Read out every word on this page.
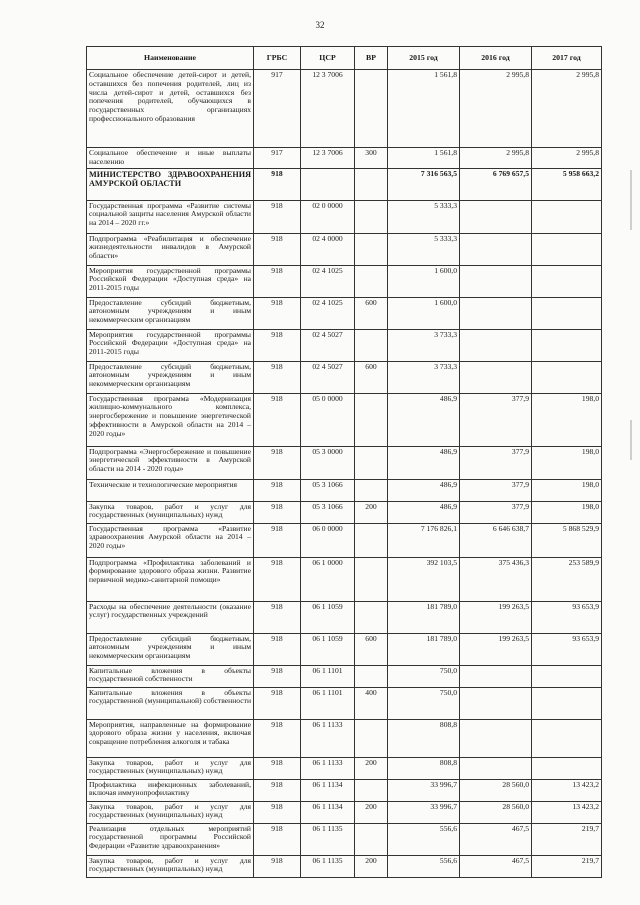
32
Наименование	ГРБС	ЦСР	ВР	2015 год	2016 год	2017 год
Социальное обеспечение детей-сирот и детей, оставшихся без попечения родителей, лиц из числа детей-сирот и детей, оставшихся без попечения родителей, обучающихся в государственных организациях профессионального образования	917	12 3 7006		1 561,8	2 995,8	2 995,8
Социальное обеспечение и иные выплаты населению	917	12 3 7006	300	1 561,8	2 995,8	2 995,8
МИНИСТЕРСТВО ЗДРАВООХРАНЕНИЯ АМУРСКОЙ ОБЛАСТИ	918			7 316 563,5	6 769 657,5	5 958 663,2
Государственная программа «Развитие системы социальной защиты населения Амурской области на 2014 – 2020 гг.»	918	02 0 0000		5 333,3		
Подпрограмма «Реабилитация и обеспечение жизнедеятельности инвалидов в Амурской области»	918	02 4 0000		5 333,3		
Мероприятия государственной программы Российской Федерации «Доступная среда» на 2011-2015 годы	918	02 4 1025		1 600,0		
Предоставление субсидий бюджетным, автономным учреждениям и иным некоммерческим организациям	918	02 4 1025	600	1 600,0		
Мероприятия государственной программы Российской Федерации «Доступная среда» на 2011-2015 годы	918	02 4 5027		3 733,3		
Предоставление субсидий бюджетным, автономным учреждениям и иным некоммерческим организациям	918	02 4 5027	600	3 733,3		
Государственная программа «Модернизация жилищно-коммунального комплекса, энергосбережение и повышение энергетической эффективности в Амурской области на 2014 – 2020 годы»	918	05 0 0000		486,9	377,9	198,0
Подпрограмма «Энергосбережение и повышение энергетической эффективности в Амурской области на 2014 - 2020 годы»	918	05 3 0000		486,9	377,9	198,0
Технические и технологические мероприятия	918	05 3 1066		486,9	377,9	198,0
Закупка товаров, работ и услуг для государственных (муниципальных) нужд	918	05 3 1066	200	486,9	377,9	198,0
Государственная программа «Развитие здравоохранения Амурской области на 2014 – 2020 годы»	918	06 0 0000		7 176 826,1	6 646 638,7	5 868 529,9
Подпрограмма «Профилактика заболеваний и формирование здорового образа жизни. Развитие первичной медико-санитарной помощи»	918	06 1 0000		392 103,5	375 436,3	253 589,9
Расходы на обеспечение деятельности (оказание услуг) государственных учреждений	918	06 1 1059		181 789,0	199 263,5	93 653,9
Предоставление субсидий бюджетным, автономным учреждениям и иным некоммерческим организациям	918	06 1 1059	600	181 789,0	199 263,5	93 653,9
Капитальные вложения в объекты государственной собственности	918	06 1 1101		750,0		
Капитальные вложения в объекты государственной (муниципальной) собственности	918	06 1 1101	400	750,0		
Мероприятия, направленные на формирование здорового образа жизни у населения, включая сокращение потребления алкоголя и табака	918	06 1 1133		808,8		
Закупка товаров, работ и услуг для государственных (муниципальных) нужд	918	06 1 1133	200	808,8		
Профилактика инфекционных заболеваний, включая иммунопрофилактику	918	06 1 1134		33 996,7	28 560,0	13 423,2
Закупка товаров, работ и услуг для государственных (муниципальных) нужд	918	06 1 1134	200	33 996,7	28 560,0	13 423,2
Реализация отдельных мероприятий государственной программы Российской Федерации «Развитие здравоохранения»	918	06 1 1135		556,6	467,5	219,7
Закупка товаров, работ и услуг для государственных (муниципальных) нужд	918	06 1 1135	200	556,6	467,5	219,7
